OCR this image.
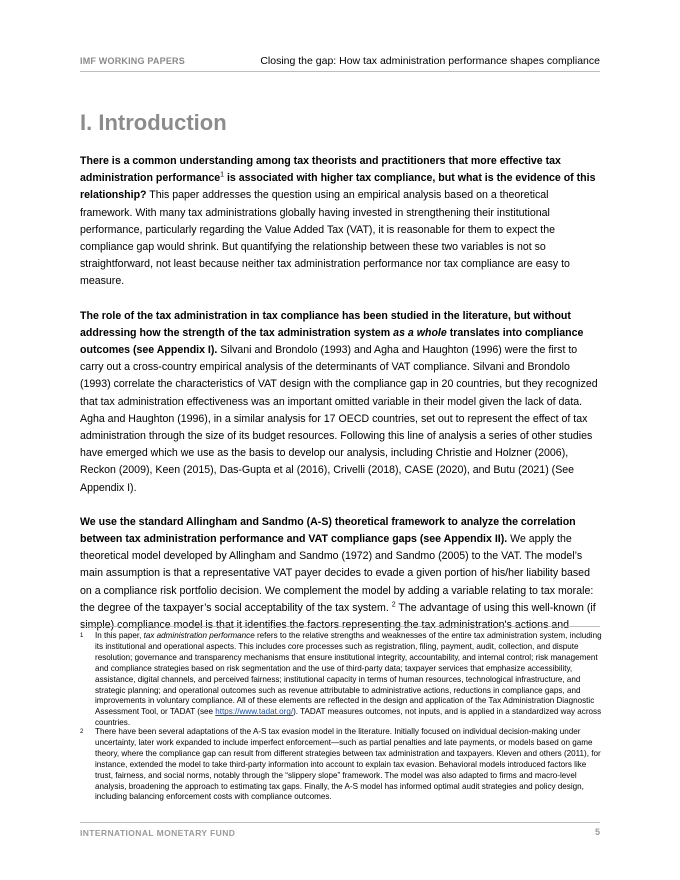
IMF WORKING PAPERS	Closing the gap: How tax administration performance shapes compliance
I. Introduction

There is a common understanding among tax theorists and practitioners that more effective tax administration performance$^1$ is associated with higher tax compliance, but what is the evidence of this relationship? This paper addresses the question using an empirical analysis based on a theoretical framework. With many tax administrations globally having invested in strengthening their institutional performance, particularly regarding the Value Added Tax (VAT), it is reasonable for them to expect the compliance gap would shrink. But quantifying the relationship between these two variables is not so straightforward, not least because neither tax administration performance nor tax compliance are easy to measure.

The role of the tax administration in tax compliance has been studied in the literature, but without addressing how the strength of the tax administration system as a whole translates into compliance outcomes (see Appendix I). Silvani and Brondolo (1993) and Agha and Haughton (1996) were the first to carry out a cross-country empirical analysis of the determinants of VAT compliance. Silvani and Brondolo (1993) correlate the characteristics of VAT design with the compliance gap in 20 countries, but they recognized that tax administration effectiveness was an important omitted variable in their model given the lack of data. Agha and Haughton (1996), in a similar analysis for 17 OECD countries, set out to represent the effect of tax administration through the size of its budget resources. Following this line of analysis a series of other studies have emerged which we use as the basis to develop our analysis, including Christie and Holzner (2006), Reckon (2009), Keen (2015), Das-Gupta et al (2016), Crivelli (2018), CASE (2020), and Butu (2021) (See Appendix I).

We use the standard Allingham and Sandmo (A-S) theoretical framework to analyze the correlation between tax administration performance and VAT compliance gaps (see Appendix II). We apply the theoretical model developed by Allingham and Sandmo (1972) and Sandmo (2005) to the VAT. The model’s main assumption is that a representative VAT payer decides to evade a given portion of his/her liability based on a compliance risk portfolio decision. We complement the model by adding a variable relating to tax morale: the degree of the taxpayer’s social acceptability of the tax system. $^2$ The advantage of using this well-known (if simple) compliance model is that it identifies the factors representing the tax administration's actions and

1 In this paper, tax administration performance refers to the relative strengths and weaknesses of the entire tax administration system, including its institutional and operational aspects. This includes core processes such as registration, filing, payment, audit, collection, and dispute resolution; governance and transparency mechanisms that ensure institutional integrity, accountability, and internal control; risk management and compliance strategies based on risk segmentation and the use of third-party data; taxpayer services that emphasize accessibility, assistance, digital channels, and perceived fairness; institutional capacity in terms of human resources, technological infrastructure, and strategic planning; and operational outcomes such as revenue attributable to administrative actions, reductions in compliance gaps, and improvements in voluntary compliance. All of these elements are reflected in the design and application of the Tax Administration Diagnostic Assessment Tool, or TADAT (see https://www.tadat.org/). TADAT measures outcomes, not inputs, and is applied in a standardized way across countries.
2 There have been several adaptations of the A-S tax evasion model in the literature. Initially focused on individual decision-making under uncertainty, later work expanded to include imperfect enforcement—such as partial penalties and late payments, or models based on game theory, where the compliance gap can result from different strategies between tax administration and taxpayers. Kleven and others (2011), for instance, extended the model to take third-party information into account to explain tax evasion. Behavioral models introduced factors like trust, fairness, and social norms, notably through the “slippery slope” framework. The model was also adapted to firms and macro-level analysis, broadening the approach to estimating tax gaps. Finally, the A-S model has informed optimal audit strategies and policy design, including balancing enforcement costs with compliance outcomes.
INTERNATIONAL MONETARY FUND	5
